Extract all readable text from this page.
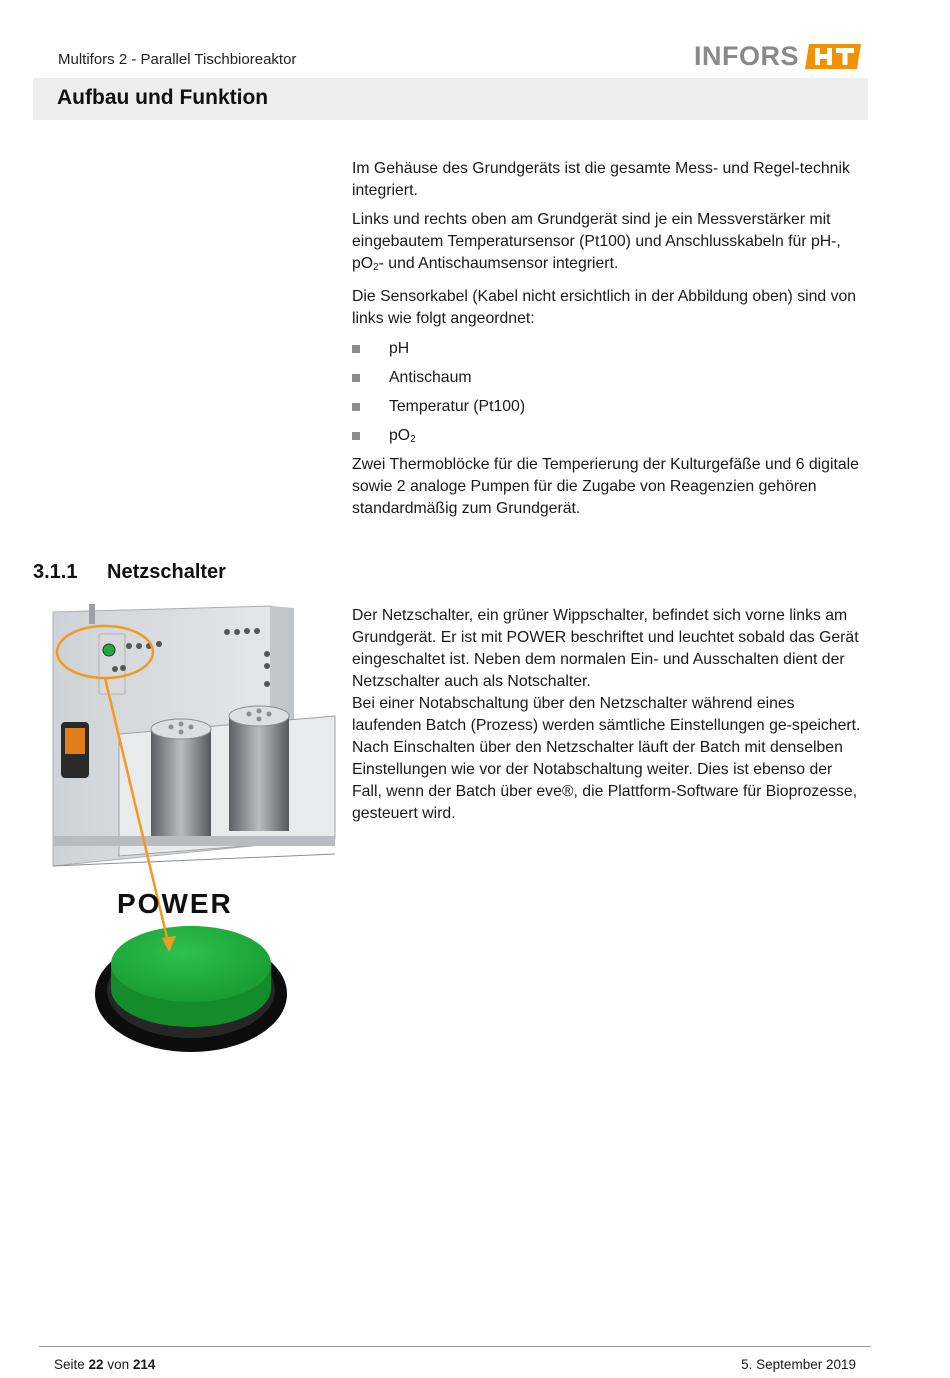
Multifors 2 - Parallel Tischbioreaktor	INFORS
Aufbau und Funktion

Im Gehäuse des Grundgeräts ist die gesamte Mess- und Regel-technik integriert.

Links und rechts oben am Grundgerät sind je ein Messverstärker mit eingebautem Temperatursensor (Pt100) und Anschlusskabeln für pH-, $pO_2-$ und Antischaumsensor integriert.

Die Sensorkabel (Kabel nicht ersichtlich in der Abbildung oben) sind von links wie folgt angeordnet:

pH
Antischaum
Temperatur (Pt100)
$pO_2$

Zwei Thermoblöcke für die Temperierung der Kulturgefäße und 6 digitale sowie 2 analoge Pumpen für die Zugabe von Reagenzien gehören standardmäßig zum Grundgerät.

3.1.1 Netzschalter

Der Netzschalter, ein grüner Wippschalter, befindet sich vorne links am Grundgerät. Er ist mit POWER beschriftet und leuchtet sobald das Gerät eingeschaltet ist. Neben dem normalen Ein- und Ausschalten dient der Netzschalter auch als Notschalter.

Bei einer Notabschaltung über den Netzschalter während eines laufenden Batch (Prozess) werden sämtliche Einstellungen ge-speichert. Nach Einschalten über den Netzschalter läuft der Batch mit denselben Einstellungen wie vor der Notabschaltung weiter. Dies ist ebenso der Fall, wenn der Batch über eve®, die Plattform-Software für Bioprozesse, gesteuert wird.

POWER
Seite 22 von 214	5. September 2019
